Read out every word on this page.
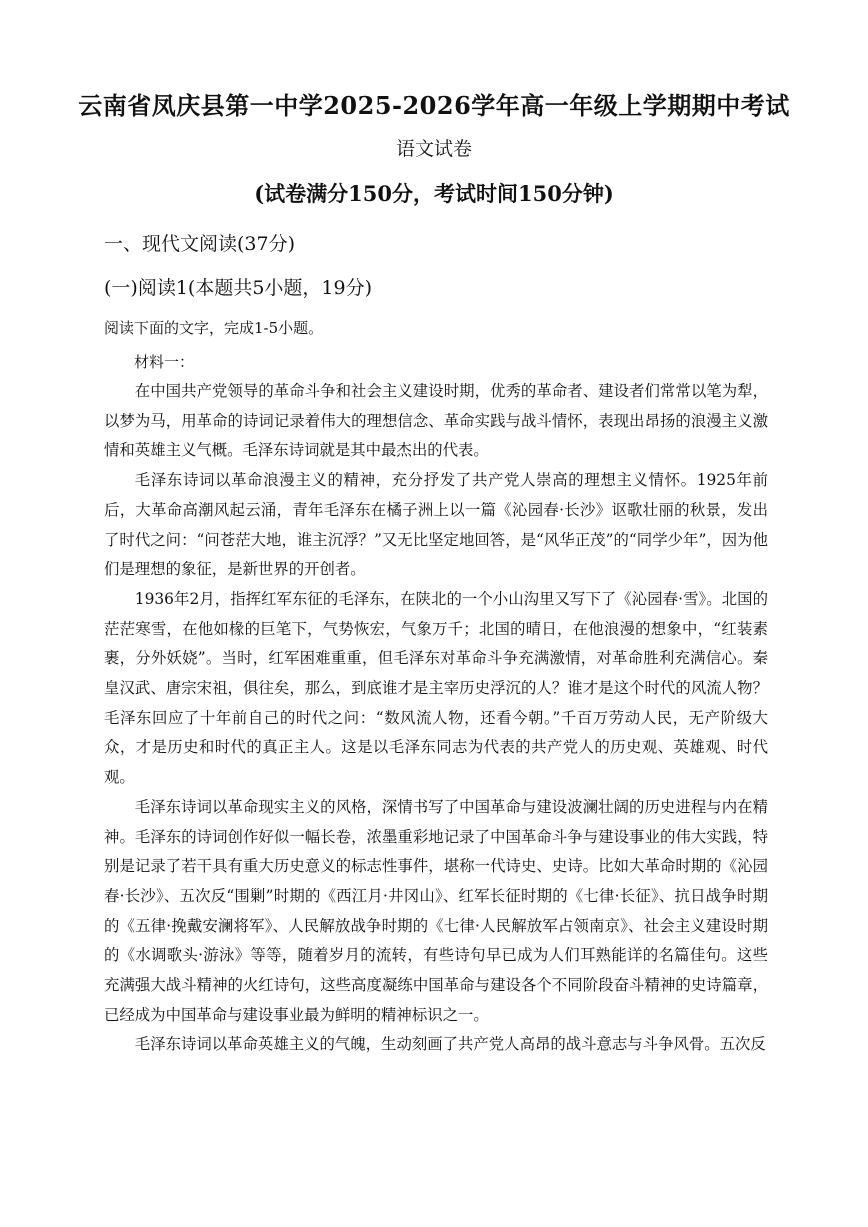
云南省凤庆县第一中学2025-2026学年高一年级上学期期中考试
语文试卷
(试卷满分150分，考试时间150分钟)
一、现代文阅读(37分)
(一)阅读1(本题共5小题，19分)
阅读下面的文字，完成1-5小题。
材料一：

在中国共产党领导的革命斗争和社会主义建设时期，优秀的革命者、建设者们常常以笔为犁，以梦为马，用革命的诗词记录着伟大的理想信念、革命实践与战斗情怀，表现出昂扬的浪漫主义激情和英雄主义气概。毛泽东诗词就是其中最杰出的代表。

毛泽东诗词以革命浪漫主义的精神，充分抒发了共产党人崇高的理想主义情怀。1925年前后，大革命高潮风起云涌，青年毛泽东在橘子洲上以一篇《沁园春·长沙》讴歌壮丽的秋景，发出了时代之问：“问苍茫大地，谁主沉浮？”又无比坚定地回答，是“风华正茂”的“同学少年”，因为他们是理想的象征，是新世界的开创者。

1936年2月，指挥红军东征的毛泽东，在陕北的一个小山沟里又写下了《沁园春·雪》。北国的茫茫寒雪，在他如椽的巨笔下，气势恢宏，气象万千；北国的晴日，在他浪漫的想象中，“红装素裹，分外妖娆”。当时，红军困难重重，但毛泽东对革命斗争充满激情，对革命胜利充满信心。秦皇汉武、唐宗宋祖，俱往矣，那么，到底谁才是主宰历史浮沉的人？谁才是这个时代的风流人物？毛泽东回应了十年前自己的时代之问：“数风流人物，还看今朝。”千百万劳动人民，无产阶级大众，才是历史和时代的真正主人。这是以毛泽东同志为代表的共产党人的历史观、英雄观、时代观。

毛泽东诗词以革命现实主义的风格，深情书写了中国革命与建设波澜壮阔的历史进程与内在精神。毛泽东的诗词创作好似一幅长卷，浓墨重彩地记录了中国革命斗争与建设事业的伟大实践，特别是记录了若干具有重大历史意义的标志性事件，堪称一代诗史、史诗。比如大革命时期的《沁园春·长沙》、五次反“围剿”时期的《西江月·井冈山》、红军长征时期的《七律·长征》、抗日战争时期的《五律·挽戴安澜将军》、人民解放战争时期的《七律·人民解放军占领南京》、社会主义建设时期的《水调歌头·游泳》等等，随着岁月的流转，有些诗句早已成为人们耳熟能详的名篇佳句。这些充满强大战斗精神的火红诗句，这些高度凝练中国革命与建设各个不同阶段奋斗精神的史诗篇章，已经成为中国革命与建设事业最为鲜明的精神标识之一。

毛泽东诗词以革命英雄主义的气魄，生动刻画了共产党人高昂的战斗意志与斗争风骨。五次反
